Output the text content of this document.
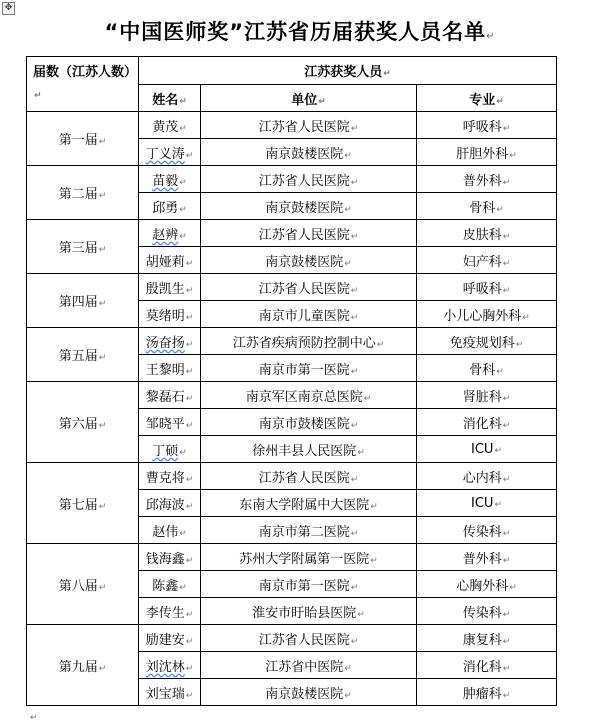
✥
“中国医师奖”江苏省历届获奖人员名单↵
届数（江苏人数）↵	江苏获奖人员↵		
	姓名↵	单位↵	专业↵
第一届↵	黄茂↵	江苏省人民医院↵	呼吸科↵
	丁义涛↵	南京鼓楼医院↵	肝胆外科↵
第二届↵	苗毅↵	江苏省人民医院↵	普外科↵
	邱勇↵	南京鼓楼医院↵	骨科↵
第三届↵	赵辨↵	江苏省人民医院↵	皮肤科↵
	胡娅莉↵	南京鼓楼医院↵	妇产科↵
第四届↵	殷凯生↵	江苏省人民医院↵	呼吸科↵
	莫绪明↵	南京市儿童医院↵	小儿心胸外科↵
第五届↵	汤奋扬↵	江苏省疾病预防控制中心↵	免疫规划科↵
	王黎明↵	南京市第一医院↵	骨科↵
第六届↵	黎磊石↵	南京军区南京总医院↵	肾脏科↵
	邹晓平↵	南京市鼓楼医院↵	消化科↵
	丁硕↵	徐州丰县人民医院↵	ICU↵
第七届↵	曹克将↵	江苏省人民医院↵	心内科↵
	邱海波↵	东南大学附属中大医院↵	ICU↵
	赵伟↵	南京市第二医院↵	传染科↵
第八届↵	钱海鑫↵	苏州大学附属第一医院↵	普外科↵
	陈鑫↵	南京市第一医院↵	心胸外科↵
	李传生↵	淮安市盱眙县医院↵	传染科↵
第九届↵	励建安↵	江苏省人民医院↵	康复科↵
	刘沈林↵	江苏省中医院↵	消化科↵
	刘宝瑞↵	南京鼓楼医院↵	肿瘤科↵
↵
